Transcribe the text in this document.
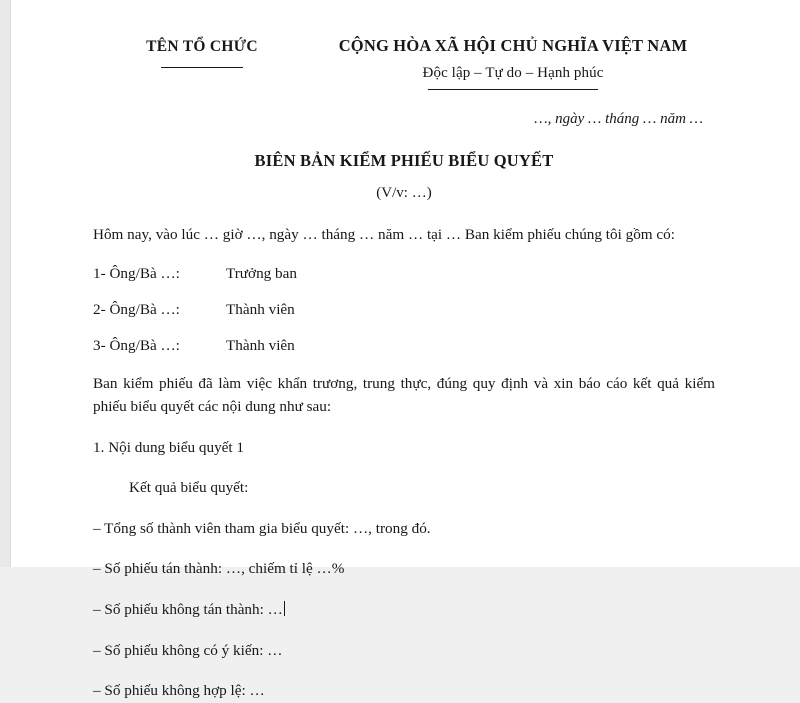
TÊN TỔ CHỨC	CỘNG HÒA XÃ HỘI CHỦ NGHĨA VIỆT NAM
Độc lập – Tự do – Hạnh phúc
…, ngày … tháng … năm …
BIÊN BẢN KIỂM PHIẾU BIỂU QUYẾT
(V/v: …)
Hôm nay, vào lúc … giờ …, ngày … tháng … năm … tại … Ban kiểm phiếu chúng tôi gồm có:
1- Ông/Bà …:	Trưởng ban
2- Ông/Bà …:	Thành viên
3- Ông/Bà …:	Thành viên
Ban kiểm phiếu đã làm việc khẩn trương, trung thực, đúng quy định và xin báo cáo kết quả kiểm phiếu biểu quyết các nội dung như sau:
1. Nội dung biểu quyết 1
Kết quả biểu quyết:
– Tổng số thành viên tham gia biểu quyết: …, trong đó.
– Số phiếu tán thành: …, chiếm tỉ lệ …%
– Số phiếu không tán thành: …
– Số phiếu không có ý kiến: …
– Số phiếu không hợp lệ: …
